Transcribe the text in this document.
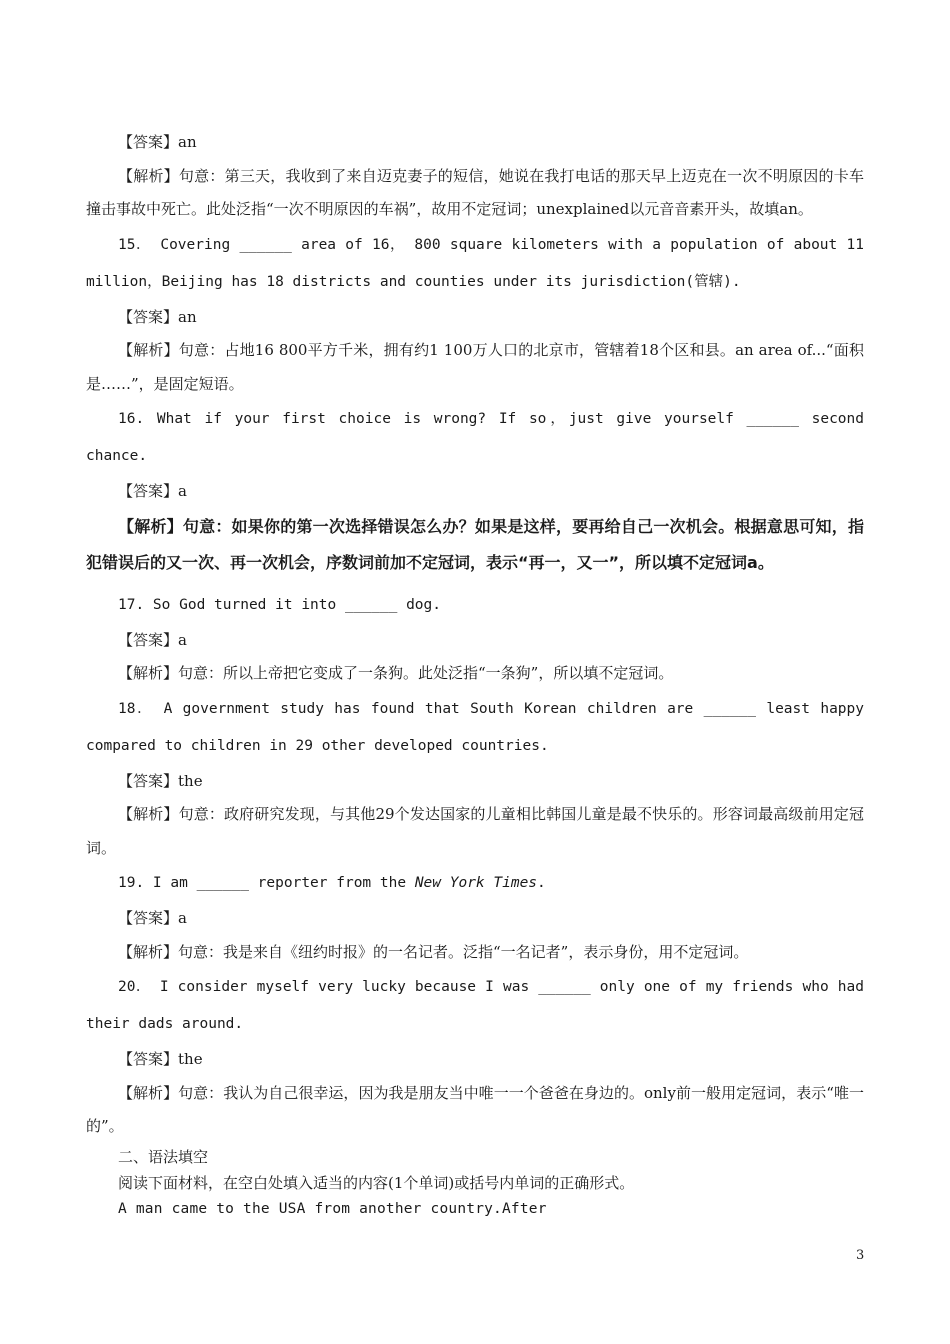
【答案】an

【解析】句意：第三天，我收到了来自迈克妻子的短信，她说在我打电话的那天早上迈克在一次不明原因的卡车撞击事故中死亡。此处泛指“一次不明原因的车祸”，故用不定冠词；unexplained以元音音素开头，故填an。

15． Covering ______ area of 16， 800 square kilometers with a population of about 11 million，Beijing has 18 districts and counties under its jurisdiction(管辖).

【答案】an

【解析】句意：占地16 800平方千米，拥有约1 100万人口的北京市，管辖着18个区和县。an area of...“面积是……”，是固定短语。

16. What if your first choice is wrong? If so，just give yourself ______ second chance.

【答案】a

【解析】句意：如果你的第一次选择错误怎么办？如果是这样，要再给自己一次机会。根据意思可知，指犯错误后的又一次、再一次机会，序数词前加不定冠词，表示“再一，又一”，所以填不定冠词a。

17. So God turned it into ______ dog.

【答案】a

【解析】句意：所以上帝把它变成了一条狗。此处泛指“一条狗”，所以填不定冠词。

18． A government study has found that South Korean children are ______ least happy compared to children in 29 other developed countries.

【答案】the

【解析】句意：政府研究发现，与其他29个发达国家的儿童相比韩国儿童是最不快乐的。形容词最高级前用定冠词。

19. I am ______ reporter from the New York Times.

【答案】a

【解析】句意：我是来自《纽约时报》的一名记者。泛指“一名记者”，表示身份，用不定冠词。

20． I consider myself very lucky because I was ______ only one of my friends who had their dads around.

【答案】the

【解析】句意：我认为自己很幸运，因为我是朋友当中唯一一个爸爸在身边的。only前一般用定冠词，表示“唯一的”。

二、语法填空

阅读下面材料，在空白处填入适当的内容(1个单词)或括号内单词的正确形式。

A man came to the USA from another country.After

3
